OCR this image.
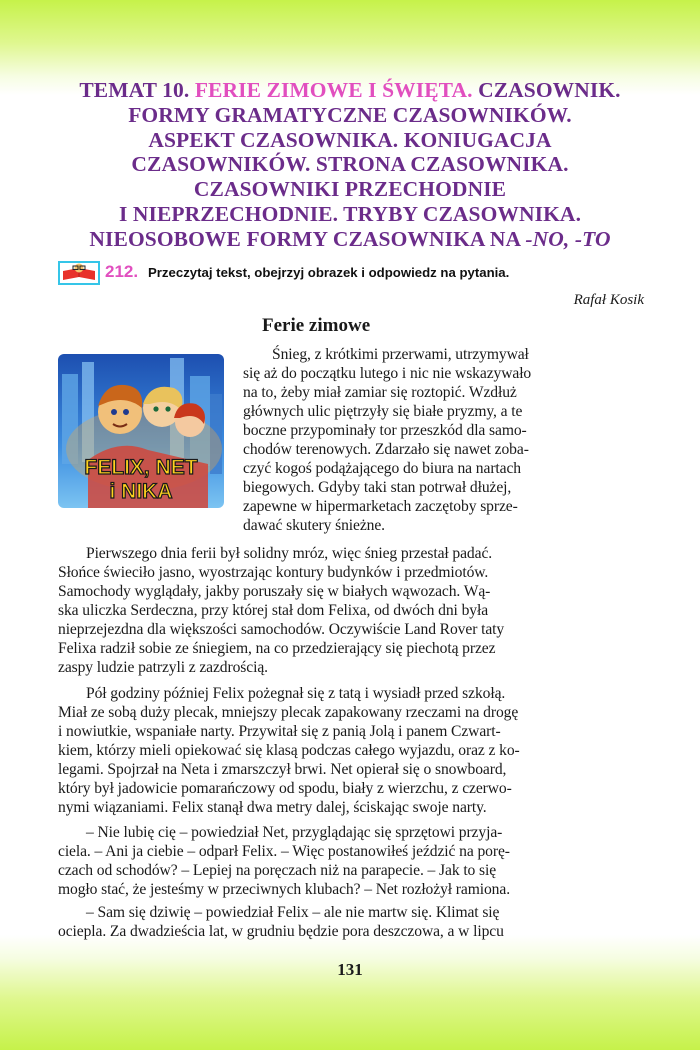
TEMAT 10. FERIE ZIMOWE I ŚWIĘTA. CZASOWNIK.
FORMY GRAMATYCZNE CZASOWNIKÓW.
ASPEKT CZASOWNIKA. KONIUGACJA
CZASOWNIKÓW. STRONA CZASOWNIKA.
CZASOWNIKI PRZECHODNIE
I NIEPRZECHODNIE. TRYBY CZASOWNIKA.
NIEOSOBOWE FORMY CZASOWNIKA NA -NO, -TO
212. Przeczytaj tekst, obejrzyj obrazek i odpowiedz na pytania.
Rafał Kosik
Ferie zimowe
FELIX, NET
i NIKA
Śnieg, z krótkimi przerwami, utrzymywał
się aż do początku lutego i nic nie wskazywało
na to, żeby miał zamiar się roztopić. Wzdłuż
głównych ulic piętrzyły się białe pryzmy, a te
boczne przypominały tor przeszkód dla samo-
chodów terenowych. Zdarzało się nawet zoba-
czyć kogoś podążającego do biura na nartach
biegowych. Gdyby taki stan potrwał dłużej,
zapewne w hipermarketach zaczętoby sprze-
dawać skutery śnieżne.
Pierwszego dnia ferii był solidny mróz, więc śnieg przestał padać.
Słońce świeciło jasno, wyostrzając kontury budynków i przedmiotów.
Samochody wyglądały, jakby poruszały się w białych wąwozach. Wą-
ska uliczka Serdeczna, przy której stał dom Felixa, od dwóch dni była
nieprzejezdna dla większości samochodów. Oczywiście Land Rover taty
Felixa radził sobie ze śniegiem, na co przedzierający się piechotą przez
zaspy ludzie patrzyli z zazdrością.
Pół godziny później Felix pożegnał się z tatą i wysiadł przed szkołą.
Miał ze sobą duży plecak, mniejszy plecak zapakowany rzeczami na drogę
i nowiutkie, wspaniałe narty. Przywitał się z panią Jolą i panem Czwart-
kiem, którzy mieli opiekować się klasą podczas całego wyjazdu, oraz z ko-
legami. Spojrzał na Neta i zmarszczył brwi. Net opierał się o snowboard,
który był jadowicie pomarańczowy od spodu, biały z wierzchu, z czerwo-
nymi wiązaniami. Felix stanął dwa metry dalej, ściskając swoje narty.
– Nie lubię cię – powiedział Net, przyglądając się sprzętowi przyja-
ciela. – Ani ja ciebie – odparł Felix. – Więc postanowiłeś jeździć na porę-
czach od schodów? – Lepiej na poręczach niż na parapecie. – Jak to się
mogło stać, że jesteśmy w przeciwnych klubach? – Net rozłożył ramiona.
– Sam się dziwię – powiedział Felix – ale nie martw się. Klimat się
ociepla. Za dwadzieścia lat, w grudniu będzie pora deszczowa, a w lipcu
131
